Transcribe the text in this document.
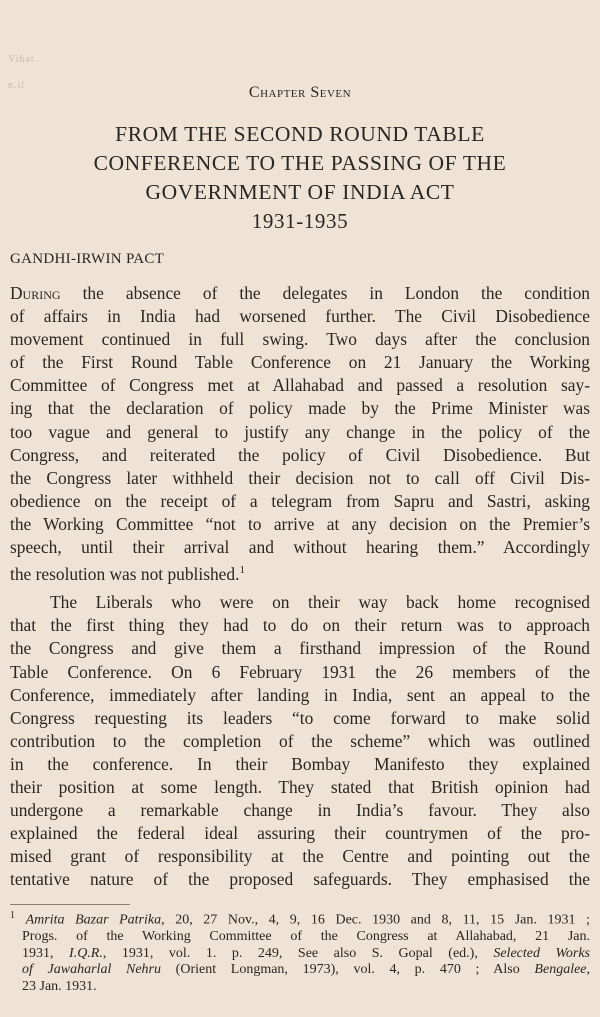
Vihat
n.il	Chapter Seven
FROM THE SECOND ROUND TABLE
CONFERENCE TO THE PASSING OF THE
GOVERNMENT OF INDIA ACT
1931-1935
GANDHI-IRWIN PACT
During the absence of the delegates in London the condition
of affairs in India had worsened further. The Civil Disobedience
movement continued in full swing. Two days after the conclusion
of the First Round Table Conference on 21 January the Working
Committee of Congress met at Allahabad and passed a resolution say-
ing that the declaration of policy made by the Prime Minister was
too vague and general to justify any change in the policy of the
Congress, and reiterated the policy of Civil Disobedience. But
the Congress later withheld their decision not to call off Civil Dis-
obedience on the receipt of a telegram from Sapru and Sastri, asking
the Working Committee “not to arrive at any decision on the Premier’s
speech, until their arrival and without hearing them.” Accordingly
the resolution was not published.$^1$
The Liberals who were on their way back home recognised
that the first thing they had to do on their return was to approach
the Congress and give them a firsthand impression of the Round
Table Conference. On 6 February 1931 the 26 members of the
Conference, immediately after landing in India, sent an appeal to the
Congress requesting its leaders “to come forward to make solid
contribution to the completion of the scheme” which was outlined
in the conference. In their Bombay Manifesto they explained
their position at some length. They stated that British opinion had
undergone a remarkable change in India’s favour. They also
explained the federal ideal assuring their countrymen of the pro-
mised grant of responsibility at the Centre and pointing out the
tentative nature of the proposed safeguards. They emphasised the
$^1$ Amrita Bazar Patrika, 20, 27 Nov., 4, 9, 16 Dec. 1930 and 8, 11, 15 Jan. 1931 ;
Progs. of the Working Committee of the Congress at Allahabad, 21 Jan.
1931, I.Q.R., 1931, vol. 1. p. 249, See also S. Gopal (ed.), Selected Works
of Jawaharlal Nehru (Orient Longman, 1973), vol. 4, p. 470 ; Also Bengalee,
23 Jan. 1931.
